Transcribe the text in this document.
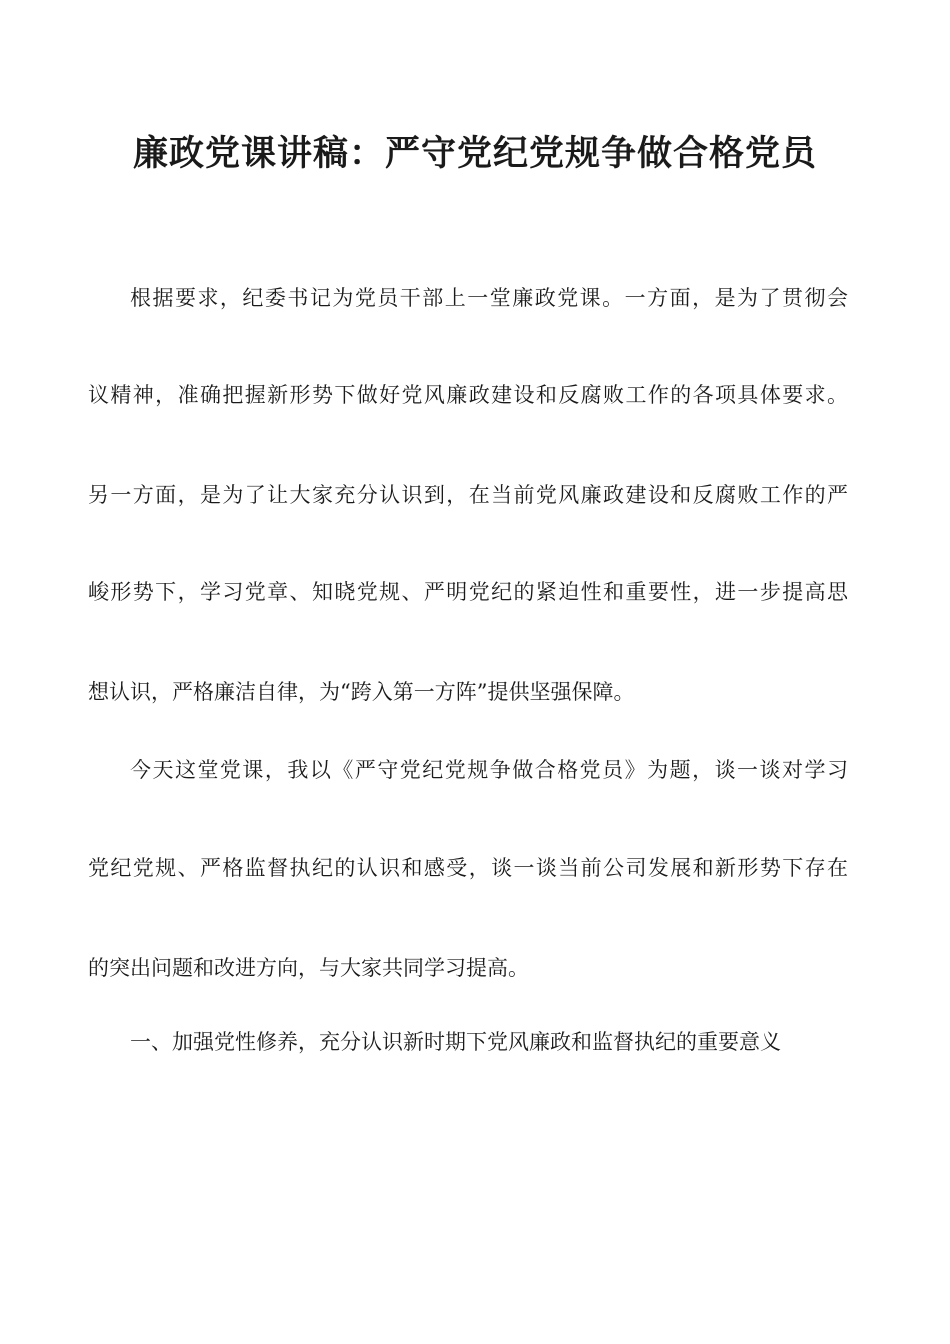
廉政党课讲稿：严守党纪党规争做合格党员
根据要求，纪委书记为党员干部上一堂廉政党课。一方面，是为了贯彻会
议精神，准确把握新形势下做好党风廉政建设和反腐败工作的各项具体要求。
另一方面，是为了让大家充分认识到，在当前党风廉政建设和反腐败工作的严
峻形势下，学习党章、知晓党规、严明党纪的紧迫性和重要性，进一步提高思
想认识，严格廉洁自律，为“跨入第一方阵”提供坚强保障。
今天这堂党课，我以《严守党纪党规争做合格党员》为题，谈一谈对学习
党纪党规、严格监督执纪的认识和感受，谈一谈当前公司发展和新形势下存在
的突出问题和改进方向，与大家共同学习提高。
一、加强党性修养，充分认识新时期下党风廉政和监督执纪的重要意义
